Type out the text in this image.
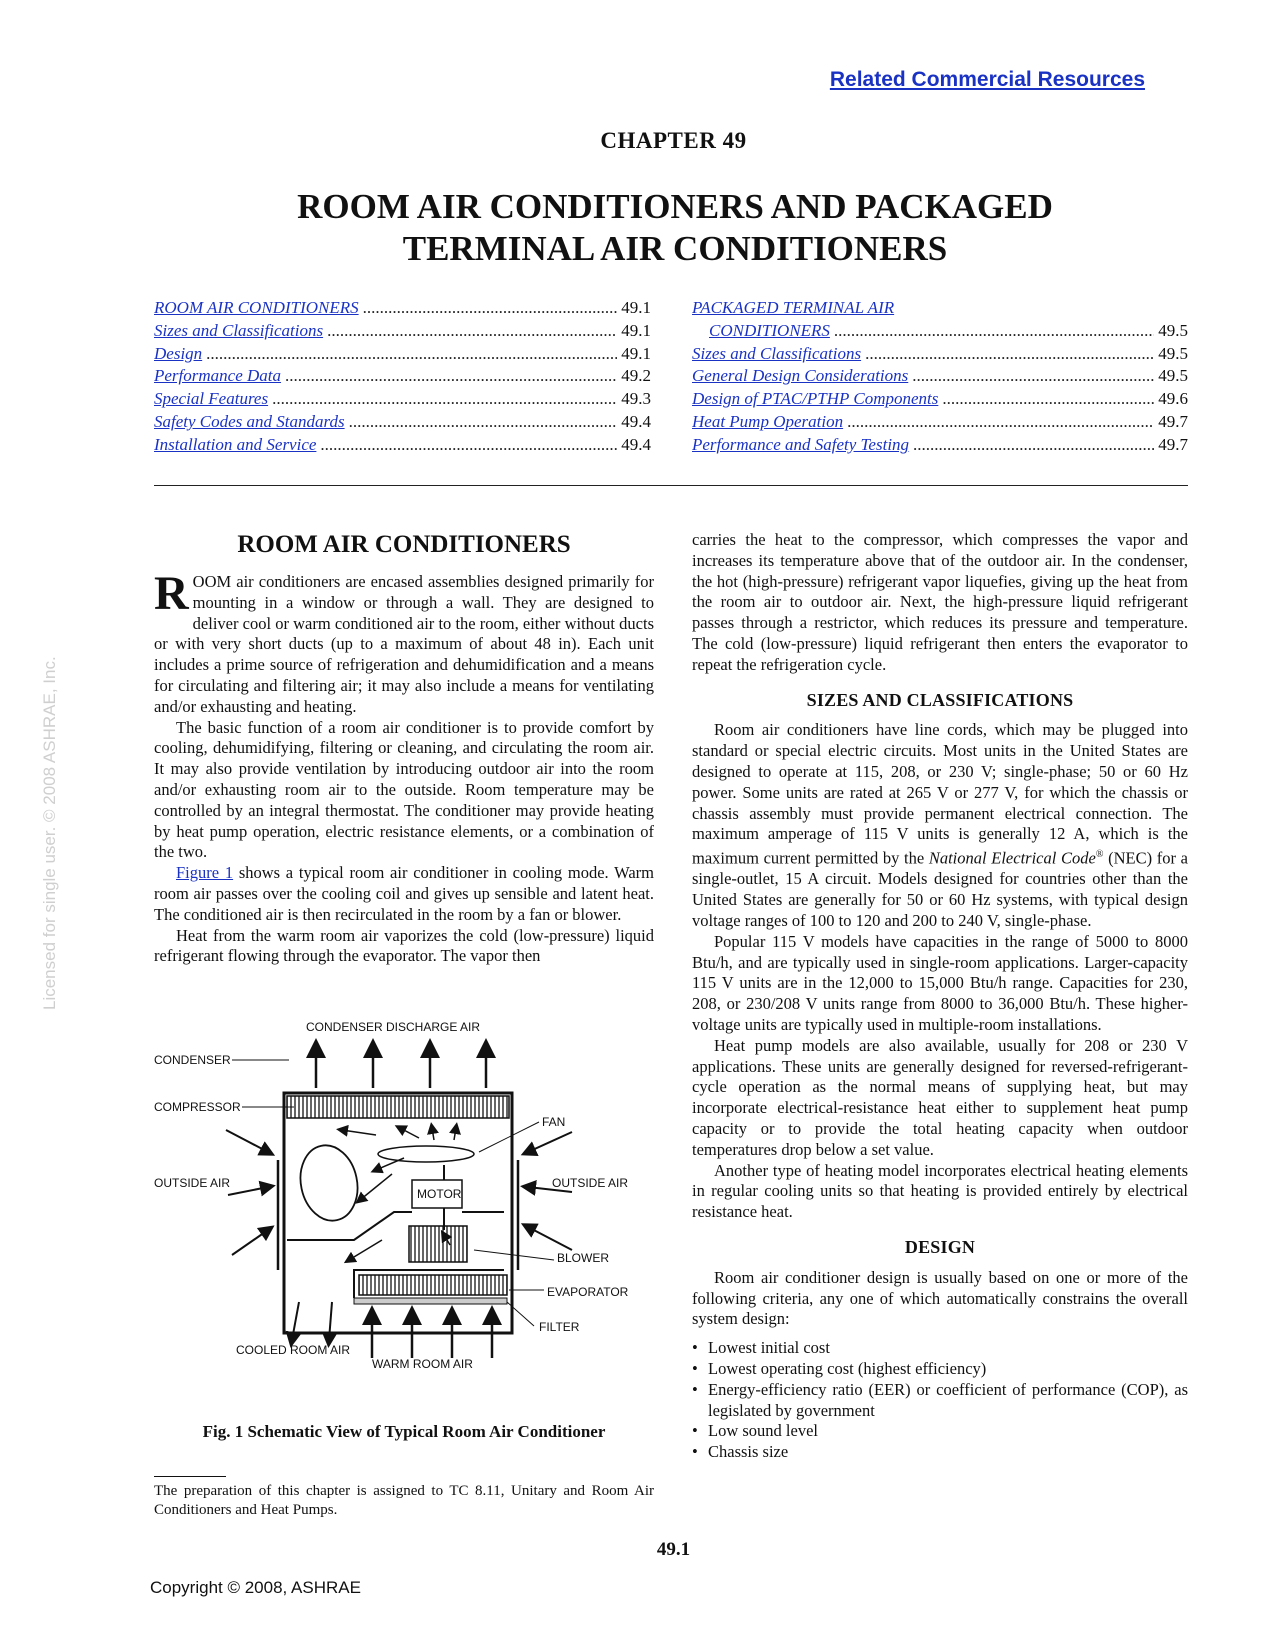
Related Commercial Resources
CHAPTER 49
ROOM AIR CONDITIONERS AND PACKAGED
TERMINAL AIR CONDITIONERS
ROOM AIR CONDITIONERS .....	49.1
Sizes and Classifications .....	49.1
Design .....	49.1
Performance Data .....	49.2
Special Features .....	49.3
Safety Codes and Standards .....	49.4
Installation and Service .....	49.4
PACKAGED TERMINAL AIR
CONDITIONERS .....	49.5
Sizes and Classifications .....	49.5
General Design Considerations .....	49.5
Design of PTAC/PTHP Components .....	49.6
Heat Pump Operation .....	49.7
Performance and Safety Testing .....	49.7
Licensed for single user. © 2008 ASHRAE, Inc.
ROOM AIR CONDITIONERS

ROOM air conditioners are encased assemblies designed primarily for mounting in a window or through a wall. They are designed to deliver cool or warm conditioned air to the room, either without ducts or with very short ducts (up to a maximum of about 48 in). Each unit includes a prime source of refrigeration and dehumidification and a means for circulating and filtering air; it may also include a means for ventilating and/or exhausting and heating.

The basic function of a room air conditioner is to provide comfort by cooling, dehumidifying, filtering or cleaning, and circulating the room air. It may also provide ventilation by introducing outdoor air into the room and/or exhausting room air to the outside. Room temperature may be controlled by an integral thermostat. The conditioner may provide heating by heat pump operation, electric resistance elements, or a combination of the two.

Figure 1 shows a typical room air conditioner in cooling mode. Warm room air passes over the cooling coil and gives up sensible and latent heat. The conditioned air is then recirculated in the room by a fan or blower.

Heat from the warm room air vaporizes the cold (low-pressure) liquid refrigerant flowing through the evaporator. The vapor then

CONDENSER DISCHARGE AIR
CONDENSER
COMPRESSOR
FAN
OUTSIDE AIR	OUTSIDE AIR
MOTOR
BLOWER
EVAPORATOR
FILTER
COOLED ROOM AIR
WARM ROOM AIR
Fig. 1 Schematic View of Typical Room Air Conditioner
The preparation of this chapter is assigned to TC 8.11, Unitary and Room Air Conditioners and Heat Pumps.

carries the heat to the compressor, which compresses the vapor and increases its temperature above that of the outdoor air. In the condenser, the hot (high-pressure) refrigerant vapor liquefies, giving up the heat from the room air to outdoor air. Next, the high-pressure liquid refrigerant passes through a restrictor, which reduces its pressure and temperature. The cold (low-pressure) liquid refrigerant then enters the evaporator to repeat the refrigeration cycle.

SIZES AND CLASSIFICATIONS

Room air conditioners have line cords, which may be plugged into standard or special electric circuits. Most units in the United States are designed to operate at 115, 208, or 230 V; single-phase; 50 or 60 Hz power. Some units are rated at 265 V or 277 V, for which the chassis or chassis assembly must provide permanent electrical connection. The maximum amperage of 115 V units is generally 12 A, which is the maximum current permitted by the National Electrical Code® (NEC) for a single-outlet, 15 A circuit. Models designed for countries other than the United States are generally for 50 or 60 Hz systems, with typical design voltage ranges of 100 to 120 and 200 to 240 V, single-phase.

Popular 115 V models have capacities in the range of 5000 to 8000 Btu/h, and are typically used in single-room applications. Larger-capacity 115 V units are in the 12,000 to 15,000 Btu/h range. Capacities for 230, 208, or 230/208 V units range from 8000 to 36,000 Btu/h. These higher-voltage units are typically used in multiple-room installations.

Heat pump models are also available, usually for 208 or 230 V applications. These units are generally designed for reversed-refrigerant-cycle operation as the normal means of supplying heat, but may incorporate electrical-resistance heat either to supplement heat pump capacity or to provide the total heating capacity when outdoor temperatures drop below a set value.

Another type of heating model incorporates electrical heating elements in regular cooling units so that heating is provided entirely by electrical resistance heat.

DESIGN

Room air conditioner design is usually based on one or more of the following criteria, any one of which automatically constrains the overall system design:

• Lowest initial cost
• Lowest operating cost (highest efficiency)
• Energy-efficiency ratio (EER) or coefficient of performance (COP), as legislated by government
• Low sound level
• Chassis size
49.1
Copyright © 2008, ASHRAE
